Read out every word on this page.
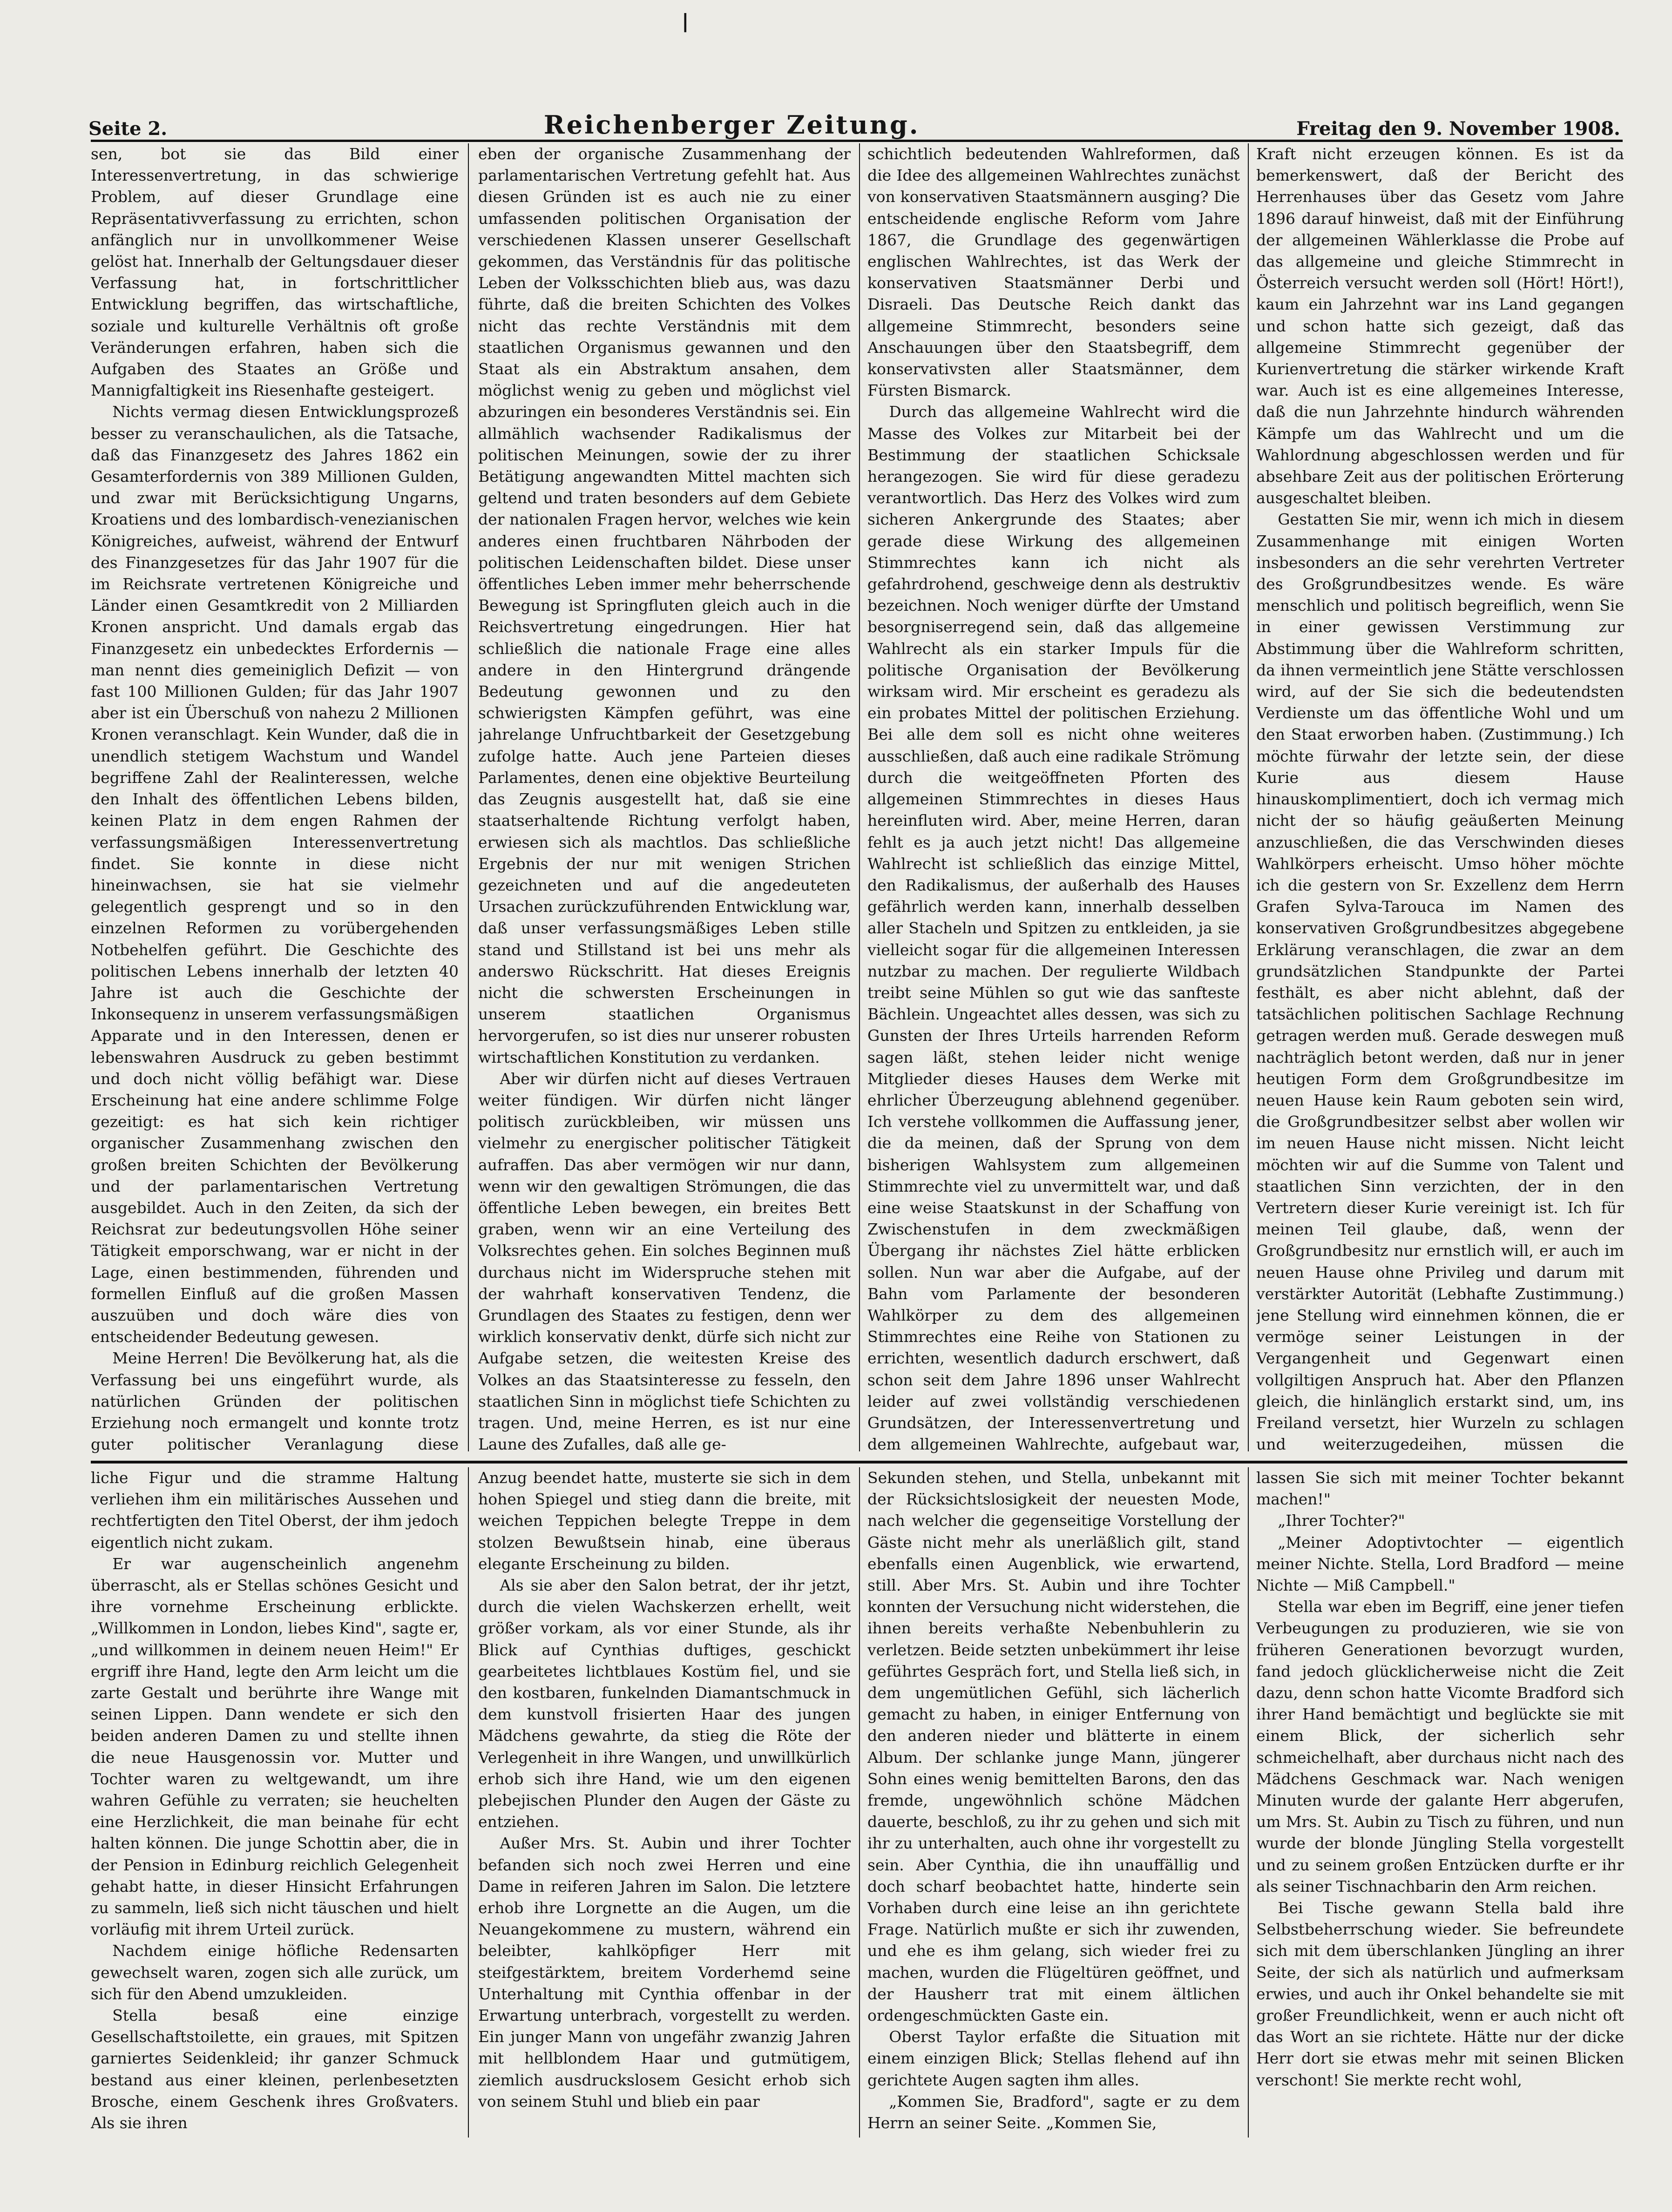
❘
Seite 2.	Reichenberger Zeitung.	Freitag den 9. November 1908.

sen, bot sie das Bild einer Interessenvertretung, in das schwierige Problem, auf dieser Grundlage eine Repräsentativverfassung zu errichten, schon anfänglich nur in unvollkommener Weise gelöst hat. Innerhalb der Geltungsdauer dieser Verfassung hat, in fortschrittlicher Entwicklung begriffen, das wirtschaftliche, soziale und kulturelle Verhältnis oft große Veränderungen erfahren, haben sich die Aufgaben des Staates an Größe und Mannigfaltigkeit ins Riesenhafte gesteigert.

Nichts vermag diesen Entwicklungsprozeß besser zu veranschaulichen, als die Tatsache, daß das Finanzgesetz des Jahres 1862 ein Gesamterfordernis von 389 Millionen Gulden, und zwar mit Berücksichtigung Ungarns, Kroatiens und des lombardisch-venezianischen Königreiches, aufweist, während der Entwurf des Finanzgesetzes für das Jahr 1907 für die im Reichsrate vertretenen Königreiche und Länder einen Gesamtkredit von 2 Milliarden Kronen anspricht. Und damals ergab das Finanzgesetz ein unbedecktes Erfordernis — man nennt dies gemeiniglich Defizit — von fast 100 Millionen Gulden; für das Jahr 1907 aber ist ein Überschuß von nahezu 2 Millionen Kronen veranschlagt. Kein Wunder, daß die in unendlich stetigem Wachstum und Wandel begriffene Zahl der Realinteressen, welche den Inhalt des öffentlichen Lebens bilden, keinen Platz in dem engen Rahmen der verfassungsmäßigen Interessenvertretung findet. Sie konnte in diese nicht hineinwachsen, sie hat sie vielmehr gelegentlich gesprengt und so in den einzelnen Reformen zu vorübergehenden Notbehelfen geführt. Die Geschichte des politischen Lebens innerhalb der letzten 40 Jahre ist auch die Geschichte der Inkonsequenz in unserem verfassungsmäßigen Apparate und in den Interessen, denen er lebenswahren Ausdruck zu geben bestimmt und doch nicht völlig befähigt war. Diese Erscheinung hat eine andere schlimme Folge gezeitigt: es hat sich kein richtiger organischer Zusammenhang zwischen den großen breiten Schichten der Bevölkerung und der parlamentarischen Vertretung ausgebildet. Auch in den Zeiten, da sich der Reichsrat zur bedeutungsvollen Höhe seiner Tätigkeit emporschwang, war er nicht in der Lage, einen bestimmenden, führenden und formellen Einfluß auf die großen Massen auszuüben und doch wäre dies von entscheidender Bedeutung gewesen.

Meine Herren! Die Bevölkerung hat, als die Verfassung bei uns eingeführt wurde, als natürlichen Gründen der politischen Erziehung noch ermangelt und konnte trotz guter politischer Veranlagung diese

eben der organische Zusammenhang der parlamentarischen Vertretung gefehlt hat. Aus diesen Gründen ist es auch nie zu einer umfassenden politischen Organisation der verschiedenen Klassen unserer Gesellschaft gekommen, das Verständnis für das politische Leben der Volksschichten blieb aus, was dazu führte, daß die breiten Schichten des Volkes nicht das rechte Verständnis mit dem staatlichen Organismus gewannen und den Staat als ein Abstraktum ansahen, dem möglichst wenig zu geben und möglichst viel abzuringen ein besonderes Verständnis sei. Ein allmählich wachsender Radikalismus der politischen Meinungen, sowie der zu ihrer Betätigung angewandten Mittel machten sich geltend und traten besonders auf dem Gebiete der nationalen Fragen hervor, welches wie kein anderes einen fruchtbaren Nährboden der politischen Leidenschaften bildet. Diese unser öffentliches Leben immer mehr beherrschende Bewegung ist Springfluten gleich auch in die Reichsvertretung eingedrungen. Hier hat schließlich die nationale Frage eine alles andere in den Hintergrund drängende Bedeutung gewonnen und zu den schwierigsten Kämpfen geführt, was eine jahrelange Unfruchtbarkeit der Gesetzgebung zufolge hatte. Auch jene Parteien dieses Parlamentes, denen eine objektive Beurteilung das Zeugnis ausgestellt hat, daß sie eine staatserhaltende Richtung verfolgt haben, erwiesen sich als machtlos. Das schließliche Ergebnis der nur mit wenigen Strichen gezeichneten und auf die angedeuteten Ursachen zurückzuführenden Entwicklung war, daß unser verfassungsmäßiges Leben stille stand und Stillstand ist bei uns mehr als anderswo Rückschritt. Hat dieses Ereignis nicht die schwersten Erscheinungen in unserem staatlichen Organismus hervorgerufen, so ist dies nur unserer robusten wirtschaftlichen Konstitution zu verdanken.

Aber wir dürfen nicht auf dieses Vertrauen weiter fündigen. Wir dürfen nicht länger politisch zurückbleiben, wir müssen uns vielmehr zu energischer politischer Tätigkeit aufraffen. Das aber vermögen wir nur dann, wenn wir den gewaltigen Strömungen, die das öffentliche Leben bewegen, ein breites Bett graben, wenn wir an eine Verteilung des Volksrechtes gehen. Ein solches Beginnen muß durchaus nicht im Widerspruche stehen mit der wahrhaft konservativen Tendenz, die Grundlagen des Staates zu festigen, denn wer wirklich konservativ denkt, dürfe sich nicht zur Aufgabe setzen, die weitesten Kreise des Volkes an das Staatsinteresse zu fesseln, den staatlichen Sinn in möglichst tiefe Schichten zu tragen. Und, meine Herren, es ist nur eine Laune des Zufalles, daß alle ge-

schichtlich bedeutenden Wahlreformen, daß die Idee des allgemeinen Wahlrechtes zunächst von konservativen Staatsmännern ausging? Die entscheidende englische Reform vom Jahre 1867, die Grundlage des gegenwärtigen englischen Wahlrechtes, ist das Werk der konservativen Staatsmänner Derbi und Disraeli. Das Deutsche Reich dankt das allgemeine Stimmrecht, besonders seine Anschauungen über den Staatsbegriff, dem konservativsten aller Staatsmänner, dem Fürsten Bismarck.

Durch das allgemeine Wahlrecht wird die Masse des Volkes zur Mitarbeit bei der Bestimmung der staatlichen Schicksale herangezogen. Sie wird für diese geradezu verantwortlich. Das Herz des Volkes wird zum sicheren Ankergrunde des Staates; aber gerade diese Wirkung des allgemeinen Stimmrechtes kann ich nicht als gefahrdrohend, geschweige denn als destruktiv bezeichnen. Noch weniger dürfte der Umstand besorgniserregend sein, daß das allgemeine Wahlrecht als ein starker Impuls für die politische Organisation der Bevölkerung wirksam wird. Mir erscheint es geradezu als ein probates Mittel der politischen Erziehung. Bei alle dem soll es nicht ohne weiteres ausschließen, daß auch eine radikale Strömung durch die weitgeöffneten Pforten des allgemeinen Stimmrechtes in dieses Haus hereinfluten wird. Aber, meine Herren, daran fehlt es ja auch jetzt nicht! Das allgemeine Wahlrecht ist schließlich das einzige Mittel, den Radikalismus, der außerhalb des Hauses gefährlich werden kann, innerhalb desselben aller Stacheln und Spitzen zu entkleiden, ja sie vielleicht sogar für die allgemeinen Interessen nutzbar zu machen. Der regulierte Wildbach treibt seine Mühlen so gut wie das sanfteste Bächlein. Ungeachtet alles dessen, was sich zu Gunsten der Ihres Urteils harrenden Reform sagen läßt, stehen leider nicht wenige Mitglieder dieses Hauses dem Werke mit ehrlicher Überzeugung ablehnend gegenüber. Ich verstehe vollkommen die Auffassung jener, die da meinen, daß der Sprung von dem bisherigen Wahlsystem zum allgemeinen Stimmrechte viel zu unvermittelt war, und daß eine weise Staatskunst in der Schaffung von Zwischenstufen in dem zweckmäßigen Übergang ihr nächstes Ziel hätte erblicken sollen. Nun war aber die Aufgabe, auf der Bahn vom Parlamente der besonderen Wahlkörper zu dem des allgemeinen Stimmrechtes eine Reihe von Stationen zu errichten, wesentlich dadurch erschwert, daß schon seit dem Jahre 1896 unser Wahlrecht leider auf zwei vollständig verschiedenen Grundsätzen, der Interessenvertretung und dem allgemeinen Wahlrechte, aufgebaut war,

Kraft nicht erzeugen können. Es ist da bemerkenswert, daß der Bericht des Herrenhauses über das Gesetz vom Jahre 1896 darauf hinweist, daß mit der Einführung der allgemeinen Wählerklasse die Probe auf das allgemeine und gleiche Stimmrecht in Österreich versucht werden soll (Hört! Hört!), kaum ein Jahrzehnt war ins Land gegangen und schon hatte sich gezeigt, daß das allgemeine Stimmrecht gegenüber der Kurienvertretung die stärker wirkende Kraft war. Auch ist es eine allgemeines Interesse, daß die nun Jahrzehnte hindurch währenden Kämpfe um das Wahlrecht und um die Wahlordnung abgeschlossen werden und für absehbare Zeit aus der politischen Erörterung ausgeschaltet bleiben.

Gestatten Sie mir, wenn ich mich in diesem Zusammenhange mit einigen Worten insbesonders an die sehr verehrten Vertreter des Großgrundbesitzes wende. Es wäre menschlich und politisch begreiflich, wenn Sie in einer gewissen Verstimmung zur Abstimmung über die Wahlreform schritten, da ihnen vermeintlich jene Stätte verschlossen wird, auf der Sie sich die bedeutendsten Verdienste um das öffentliche Wohl und um den Staat erworben haben. (Zustimmung.) Ich möchte fürwahr der letzte sein, der diese Kurie aus diesem Hause hinauskomplimentiert, doch ich vermag mich nicht der so häufig geäußerten Meinung anzuschließen, die das Verschwinden dieses Wahlkörpers erheischt. Umso höher möchte ich die gestern von Sr. Exzellenz dem Herrn Grafen Sylva-Tarouca im Namen des konservativen Großgrundbesitzes abgegebene Erklärung veranschlagen, die zwar an dem grundsätzlichen Standpunkte der Partei festhält, es aber nicht ablehnt, daß der tatsächlichen politischen Sachlage Rechnung getragen werden muß. Gerade deswegen muß nachträglich betont werden, daß nur in jener heutigen Form dem Großgrundbesitze im neuen Hause kein Raum geboten sein wird, die Großgrundbesitzer selbst aber wollen wir im neuen Hause nicht missen. Nicht leicht möchten wir auf die Summe von Talent und staatlichen Sinn verzichten, der in den Vertretern dieser Kurie vereinigt ist. Ich für meinen Teil glaube, daß, wenn der Großgrundbesitz nur ernstlich will, er auch im neuen Hause ohne Privileg und darum mit verstärkter Autorität (Lebhafte Zustimmung.) jene Stellung wird einnehmen können, die er vermöge seiner Leistungen in der Vergangenheit und Gegenwart einen vollgiltigen Anspruch hat. Aber den Pflanzen gleich, die hinlänglich erstarkt sind, um, ins Freiland versetzt, hier Wurzeln zu schlagen und weiterzugedeihen, müssen die

liche Figur und die stramme Haltung verliehen ihm ein militärisches Aussehen und rechtfertigten den Titel Oberst, der ihm jedoch eigentlich nicht zukam.

Er war augenscheinlich angenehm überrascht, als er Stellas schönes Gesicht und ihre vornehme Erscheinung erblickte. „Willkommen in London, liebes Kind", sagte er, „und willkommen in deinem neuen Heim!" Er ergriff ihre Hand, legte den Arm leicht um die zarte Gestalt und berührte ihre Wange mit seinen Lippen. Dann wendete er sich den beiden anderen Damen zu und stellte ihnen die neue Hausgenossin vor. Mutter und Tochter waren zu weltgewandt, um ihre wahren Gefühle zu verraten; sie heuchelten eine Herzlichkeit, die man beinahe für echt halten können. Die junge Schottin aber, die in der Pension in Edinburg reichlich Gelegenheit gehabt hatte, in dieser Hinsicht Erfahrungen zu sammeln, ließ sich nicht täuschen und hielt vorläufig mit ihrem Urteil zurück.

Nachdem einige höfliche Redensarten gewechselt waren, zogen sich alle zurück, um sich für den Abend umzukleiden.

Stella besaß eine einzige Gesellschaftstoilette, ein graues, mit Spitzen garniertes Seidenkleid; ihr ganzer Schmuck bestand aus einer kleinen, perlenbesetzten Brosche, einem Geschenk ihres Großvaters. Als sie ihren

Anzug beendet hatte, musterte sie sich in dem hohen Spiegel und stieg dann die breite, mit weichen Teppichen belegte Treppe in dem stolzen Bewußtsein hinab, eine überaus elegante Erscheinung zu bilden.

Als sie aber den Salon betrat, der ihr jetzt, durch die vielen Wachskerzen erhellt, weit größer vorkam, als vor einer Stunde, als ihr Blick auf Cynthias duftiges, geschickt gearbeitetes lichtblaues Kostüm fiel, und sie den kostbaren, funkelnden Diamantschmuck in dem kunstvoll frisierten Haar des jungen Mädchens gewahrte, da stieg die Röte der Verlegenheit in ihre Wangen, und unwillkürlich erhob sich ihre Hand, wie um den eigenen plebejischen Plunder den Augen der Gäste zu entziehen.

Außer Mrs. St. Aubin und ihrer Tochter befanden sich noch zwei Herren und eine Dame in reiferen Jahren im Salon. Die letztere erhob ihre Lorgnette an die Augen, um die Neuangekommene zu mustern, während ein beleibter, kahlköpfiger Herr mit steifgestärktem, breitem Vorderhemd seine Unterhaltung mit Cynthia offenbar in der Erwartung unterbrach, vorgestellt zu werden. Ein junger Mann von ungefähr zwanzig Jahren mit hellblondem Haar und gutmütigem, ziemlich ausdruckslosem Gesicht erhob sich von seinem Stuhl und blieb ein paar

Sekunden stehen, und Stella, unbekannt mit der Rücksichtslosigkeit der neuesten Mode, nach welcher die gegenseitige Vorstellung der Gäste nicht mehr als unerläßlich gilt, stand ebenfalls einen Augenblick, wie erwartend, still. Aber Mrs. St. Aubin und ihre Tochter konnten der Versuchung nicht widerstehen, die ihnen bereits verhaßte Nebenbuhlerin zu verletzen. Beide setzten unbekümmert ihr leise geführtes Gespräch fort, und Stella ließ sich, in dem ungemütlichen Gefühl, sich lächerlich gemacht zu haben, in einiger Entfernung von den anderen nieder und blätterte in einem Album. Der schlanke junge Mann, jüngerer Sohn eines wenig bemittelten Barons, den das fremde, ungewöhnlich schöne Mädchen dauerte, beschloß, zu ihr zu gehen und sich mit ihr zu unterhalten, auch ohne ihr vorgestellt zu sein. Aber Cynthia, die ihn unauffällig und doch scharf beobachtet hatte, hinderte sein Vorhaben durch eine leise an ihn gerichtete Frage. Natürlich mußte er sich ihr zuwenden, und ehe es ihm gelang, sich wieder frei zu machen, wurden die Flügeltüren geöffnet, und der Hausherr trat mit einem ältlichen ordengeschmückten Gaste ein.

Oberst Taylor erfaßte die Situation mit einem einzigen Blick; Stellas flehend auf ihn gerichtete Augen sagten ihm alles.

„Kommen Sie, Bradford", sagte er zu dem Herrn an seiner Seite. „Kommen Sie,

lassen Sie sich mit meiner Tochter bekannt machen!"

„Ihrer Tochter?"

„Meiner Adoptivtochter — eigentlich meiner Nichte. Stella, Lord Bradford — meine Nichte — Miß Campbell."

Stella war eben im Begriff, eine jener tiefen Verbeugungen zu produzieren, wie sie von früheren Generationen bevorzugt wurden, fand jedoch glücklicherweise nicht die Zeit dazu, denn schon hatte Vicomte Bradford sich ihrer Hand bemächtigt und beglückte sie mit einem Blick, der sicherlich sehr schmeichelhaft, aber durchaus nicht nach des Mädchens Geschmack war. Nach wenigen Minuten wurde der galante Herr abgerufen, um Mrs. St. Aubin zu Tisch zu führen, und nun wurde der blonde Jüngling Stella vorgestellt und zu seinem großen Entzücken durfte er ihr als seiner Tischnachbarin den Arm reichen.

Bei Tische gewann Stella bald ihre Selbstbeherrschung wieder. Sie befreundete sich mit dem überschlanken Jüngling an ihrer Seite, der sich als natürlich und aufmerksam erwies, und auch ihr Onkel behandelte sie mit großer Freundlichkeit, wenn er auch nicht oft das Wort an sie richtete. Hätte nur der dicke Herr dort sie etwas mehr mit seinen Blicken verschont! Sie merkte recht wohl,
